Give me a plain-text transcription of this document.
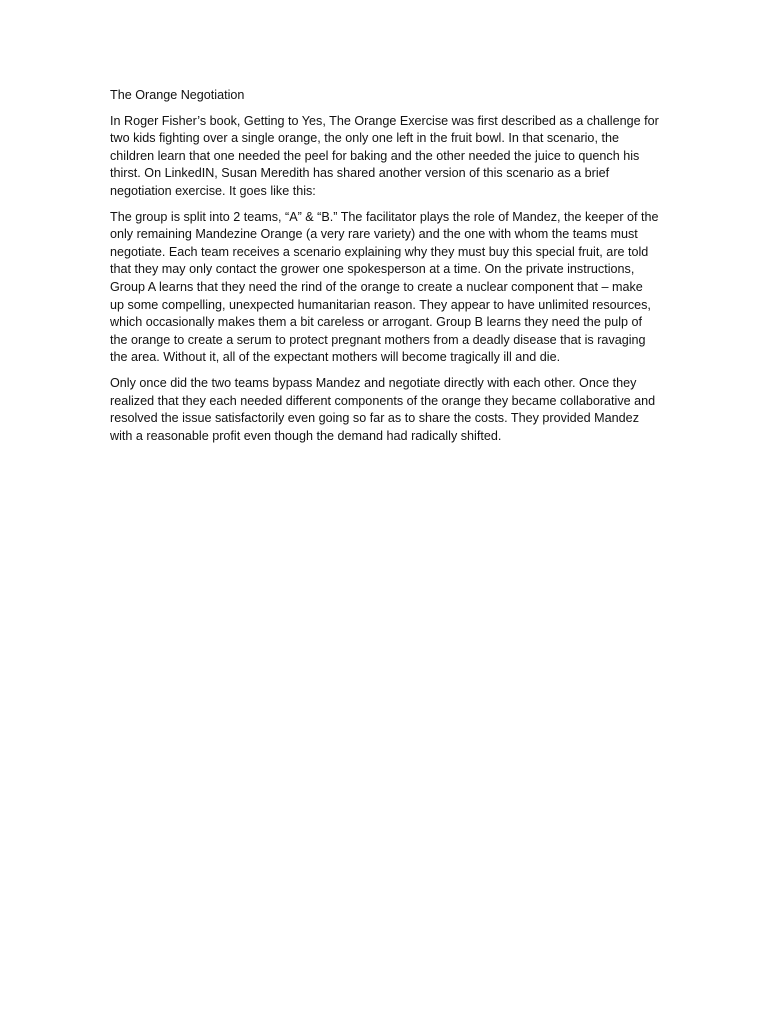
The Orange Negotiation

In Roger Fisher’s book, Getting to Yes, The Orange Exercise was first described as a challenge for two kids fighting over a single orange, the only one left in the fruit bowl. In that scenario, the children learn that one needed the peel for baking and the other needed the juice to quench his thirst. On LinkedIN, Susan Meredith has shared another version of this scenario as a brief negotiation exercise. It goes like this:

The group is split into 2 teams, “A” & “B.” The facilitator plays the role of Mandez, the keeper of the only remaining Mandezine Orange (a very rare variety) and the one with whom the teams must negotiate. Each team receives a scenario explaining why they must buy this special fruit, are told that they may only contact the grower one spokesperson at a time. On the private instructions, Group A learns that they need the rind of the orange to create a nuclear component that – make up some compelling, unexpected humanitarian reason. They appear to have unlimited resources, which occasionally makes them a bit careless or arrogant. Group B learns they need the pulp of the orange to create a serum to protect pregnant mothers from a deadly disease that is ravaging the area. Without it, all of the expectant mothers will become tragically ill and die.

Only once did the two teams bypass Mandez and negotiate directly with each other. Once they realized that they each needed different components of the orange they became collaborative and resolved the issue satisfactorily even going so far as to share the costs. They provided Mandez with a reasonable profit even though the demand had radically shifted.
